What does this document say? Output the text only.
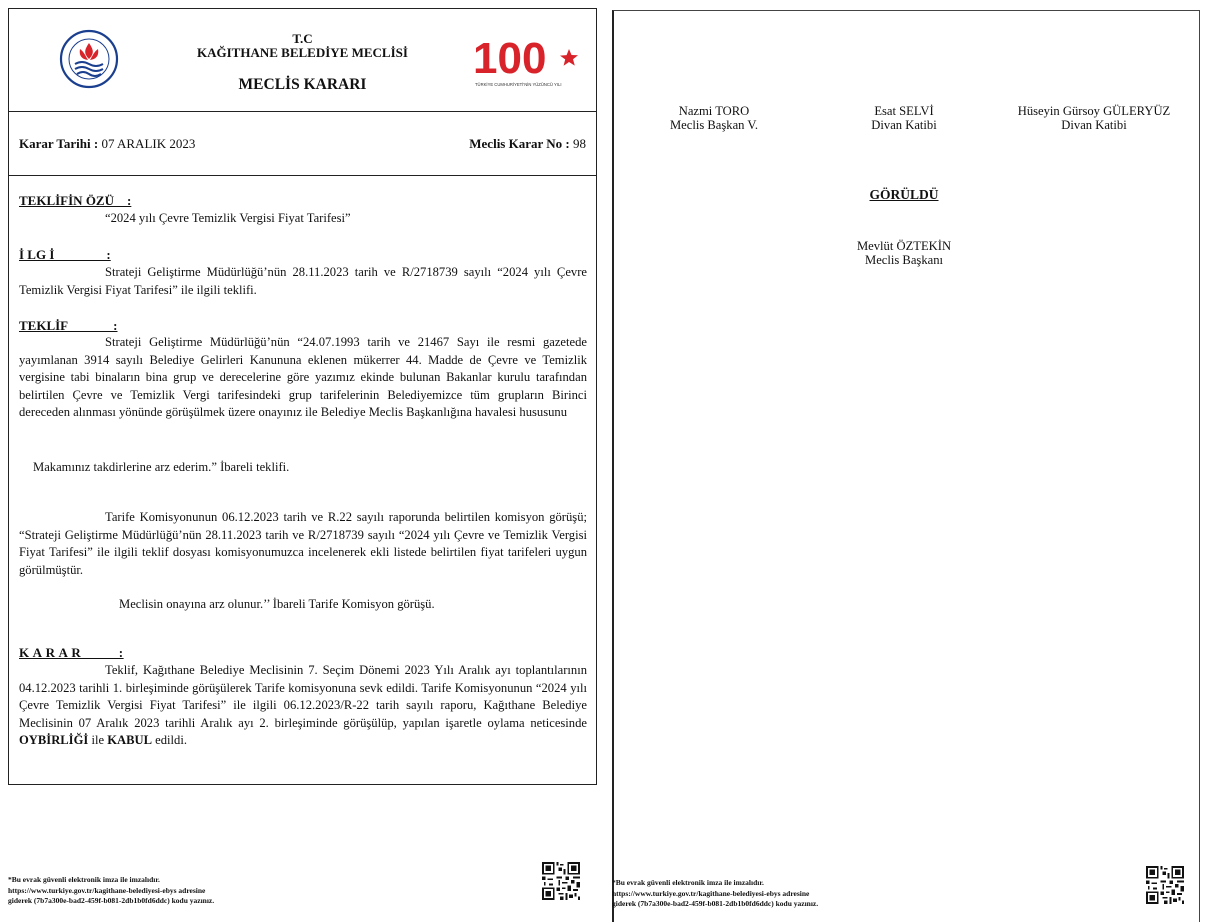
T.C
KAĞITHANE BELEDİYE MECLİSİ
MECLİS KARARI
100
TÜRKİYE CUMHURİYETİ'NİN YÜZÜNCÜ YILI
Karar Tarihi : 07 ARALIK 2023	Meclis Karar No : 98
TEKLİFİN ÖZÜ    :
“2024 yılı Çevre Temizlik Vergisi Fiyat Tarifesi”
İ LG İ                :
Strateji Geliştirme Müdürlüğü’nün 28.11.2023 tarih ve R/2718739 sayılı “2024 yılı Çevre Temizlik Vergisi Fiyat Tarifesi” ile ilgili teklifi.
TEKLİF              :
Strateji Geliştirme Müdürlüğü’nün “24.07.1993 tarih ve 21467 Sayı ile resmi gazetede yayımlanan 3914 sayılı Belediye Gelirleri Kanununa eklenen mükerrer 44. Madde de Çevre ve Temizlik vergisine tabi binaların bina grup ve derecelerine göre yazımız ekinde bulunan Bakanlar kurulu tarafından belirtilen Çevre ve Temizlik Vergi tarifesindeki grup tarifelerinin Belediyemizce tüm grupların Birinci dereceden alınması yönünde görüşülmek üzere onayınız ile Belediye Meclis Başkanlığına havalesi hususunu
Makamınız takdirlerine arz ederim.” İbareli teklifi.
Tarife Komisyonunun 06.12.2023 tarih ve R.22 sayılı raporunda belirtilen komisyon görüşü; “Strateji Geliştirme Müdürlüğü’nün 28.11.2023 tarih ve R/2718739 sayılı “2024 yılı Çevre ve Temizlik Vergisi Fiyat Tarifesi” ile ilgili teklif dosyası komisyonumuzca incelenerek ekli listede belirtilen fiyat tarifeleri uygun görülmüştür.
Meclisin onayına arz olunur.’’ İbareli Tarife Komisyon görüşü.
K A R A R          :
Teklif, Kağıthane Belediye Meclisinin 7. Seçim Dönemi 2023 Yılı Aralık ayı toplantılarının 04.12.2023 tarihli 1. birleşiminde görüşülerek Tarife komisyonuna sevk edildi. Tarife Komisyonunun “2024 yılı Çevre Temizlik Vergisi Fiyat Tarifesi” ile ilgili 06.12.2023/R-22 tarih sayılı raporu, Kağıthane Belediye Meclisinin 07 Aralık 2023 tarihli Aralık ayı 2. birleşiminde görüşülüp, yapılan işaretle oylama neticesinde OYBİRLİĞİ ile KABUL edildi.
*Bu evrak güvenli elektronik imza ile imzalıdır.
https://www.turkiye.gov.tr/kagithane-belediyesi-ebys adresine
giderek (7b7a300e-bad2-459f-b081-2db1b0fd6ddc) kodu yazınız.
Nazmi TORO
Meclis Başkan V.
Esat SELVİ
Divan Katibi
Hüseyin Gürsoy GÜLERYÜZ
Divan Katibi
GÖRÜLDÜ
Mevlüt ÖZTEKİN
Meclis Başkanı
*Bu evrak güvenli elektronik imza ile imzalıdır.
https://www.turkiye.gov.tr/kagithane-belediyesi-ebys adresine
giderek (7b7a300e-bad2-459f-b081-2db1b0fd6ddc) kodu yazınız.
